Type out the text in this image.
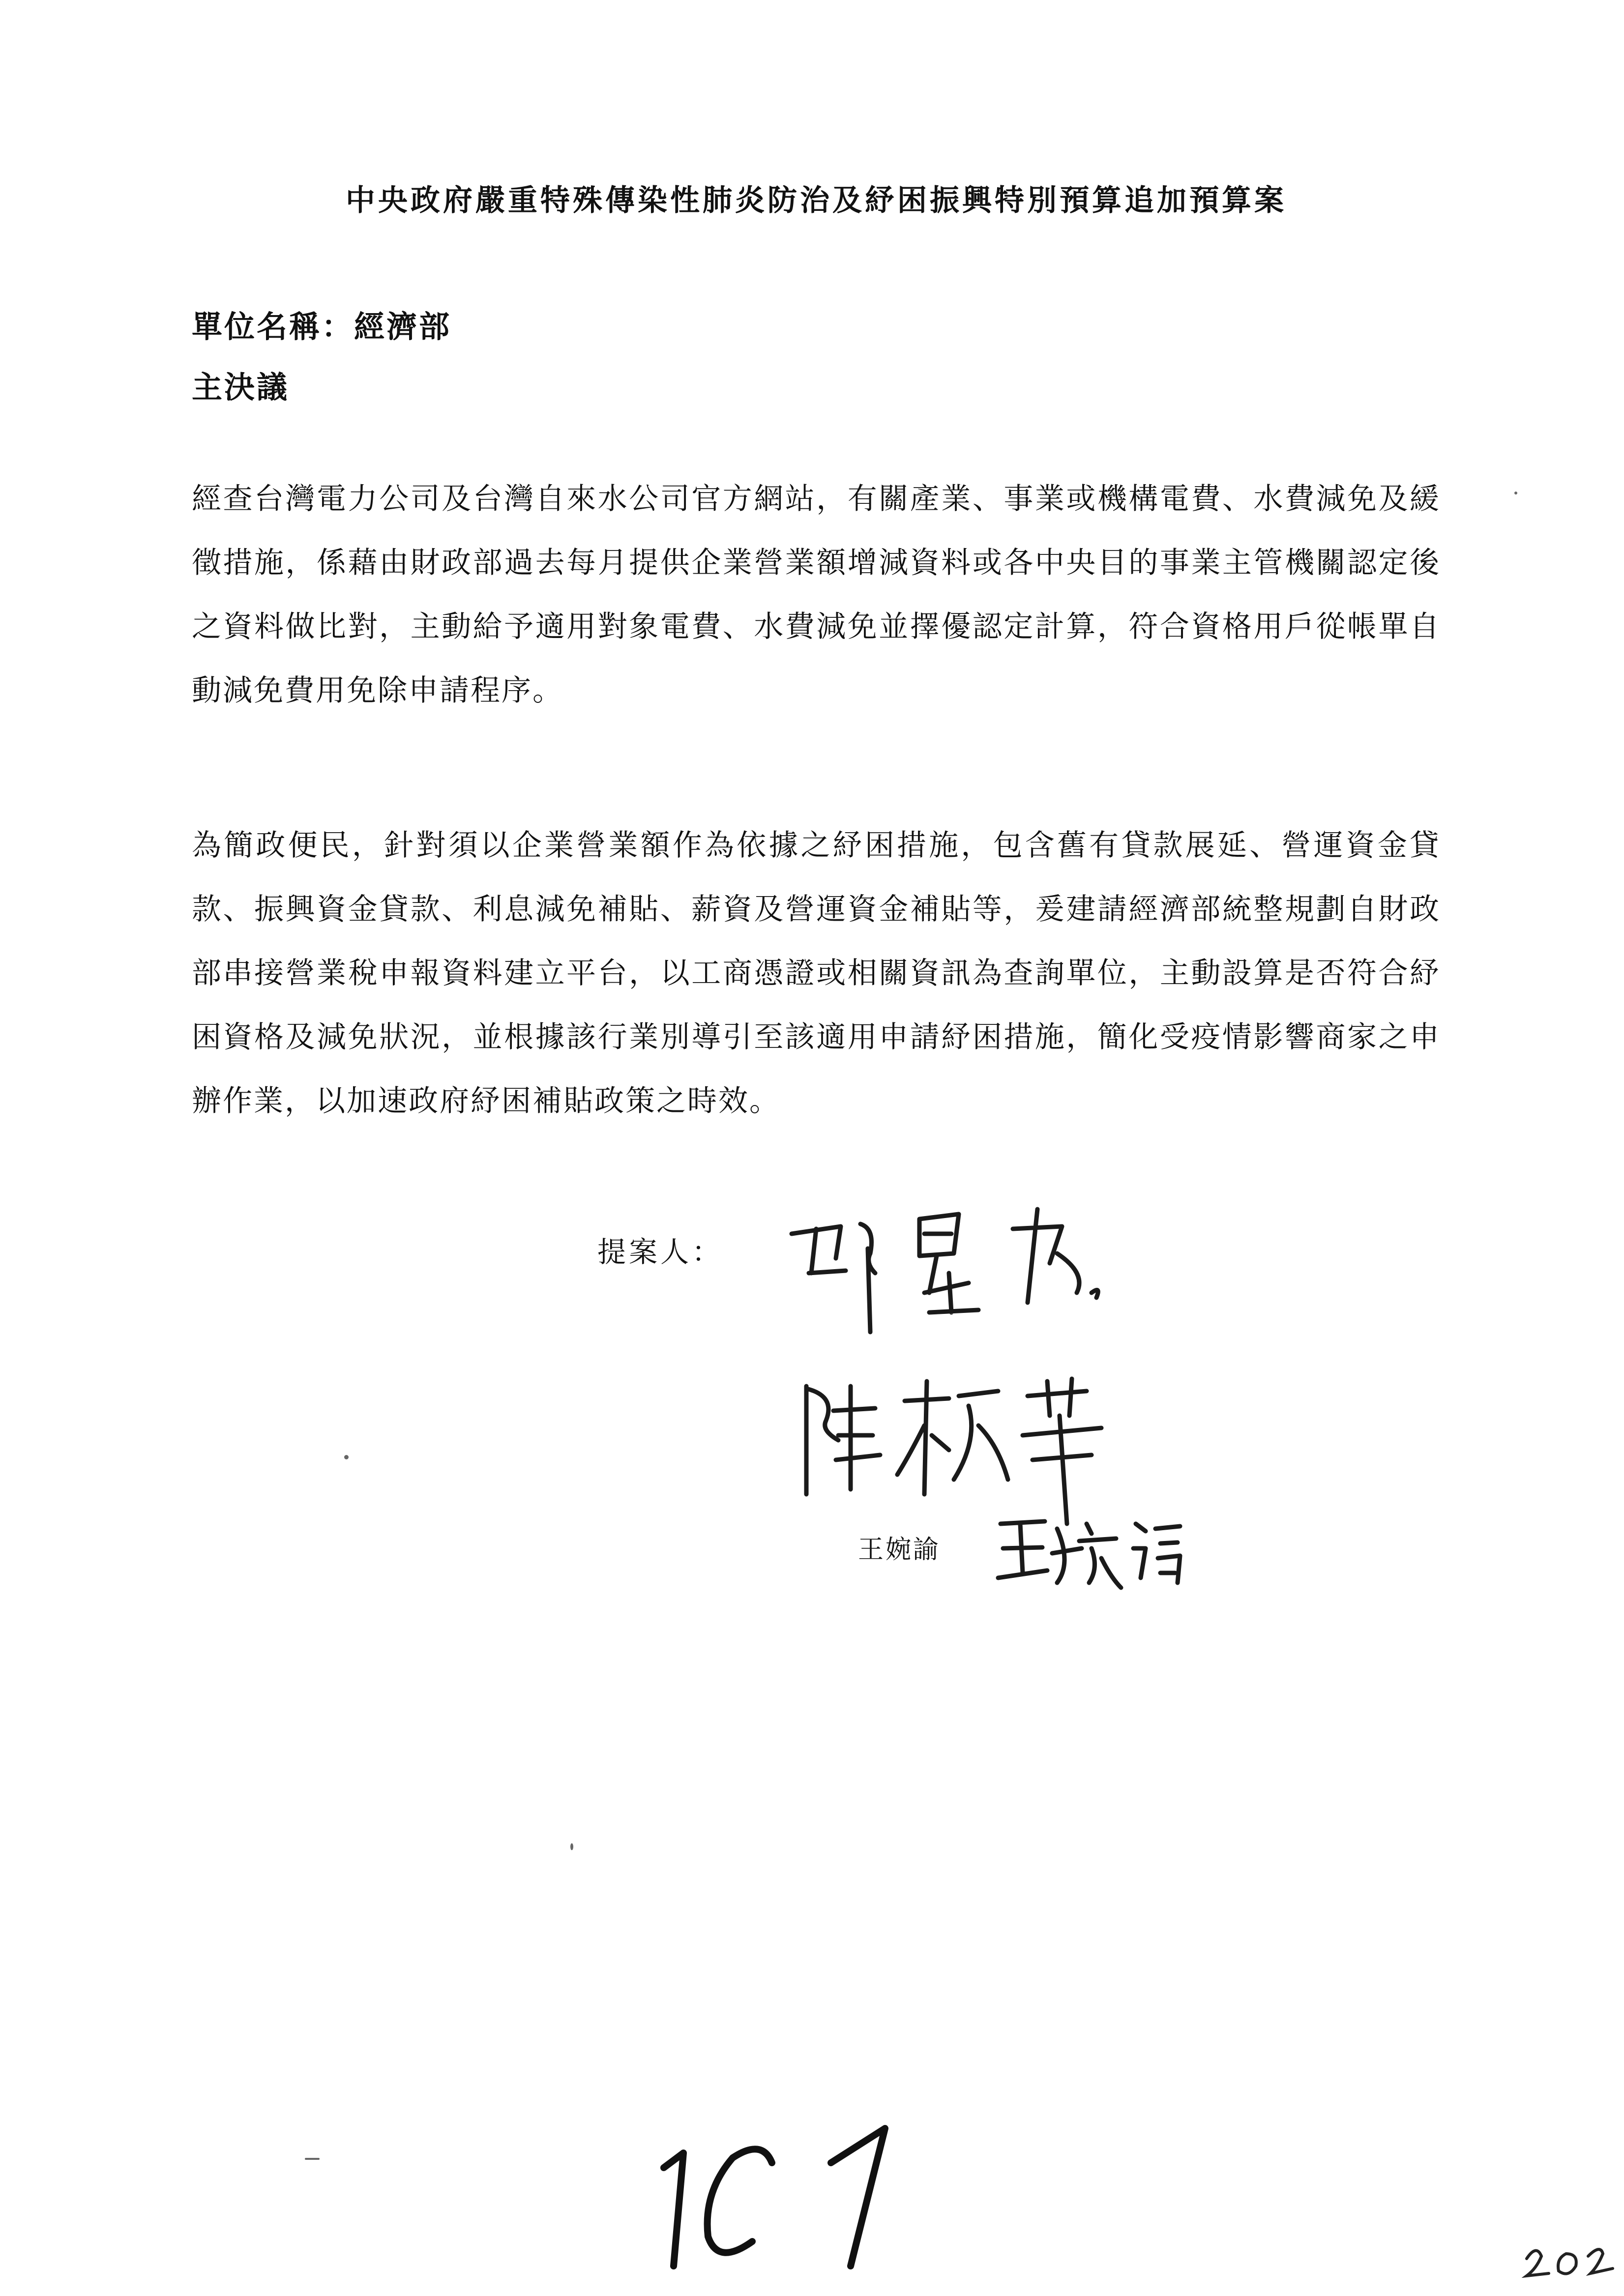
中央政府嚴重特殊傳染性肺炎防治及紓困振興特別預算追加預算案
單位名稱：經濟部
主決議

經查台灣電力公司及台灣自來水公司官方網站，有關產業、事業或機構電費、水費減免及緩徵措施，係藉由財政部過去每月提供企業營業額增減資料或各中央目的事業主管機關認定後之資料做比對，主動給予適用對象電費、水費減免並擇優認定計算，符合資格用戶從帳單自動減免費用免除申請程序。

為簡政便民，針對須以企業營業額作為依據之紓困措施，包含舊有貸款展延、營運資金貸款、振興資金貸款、利息減免補貼、薪資及營運資金補貼等，爰建請經濟部統整規劃自財政部串接營業稅申報資料建立平台，以工商憑證或相關資訊為查詢單位，主動設算是否符合紓困資格及減免狀況，並根據該行業別導引至該適用申請紓困措施，簡化受疫情影響商家之申辦作業，以加速政府紓困補貼政策之時效。

提案人：
王婉諭
